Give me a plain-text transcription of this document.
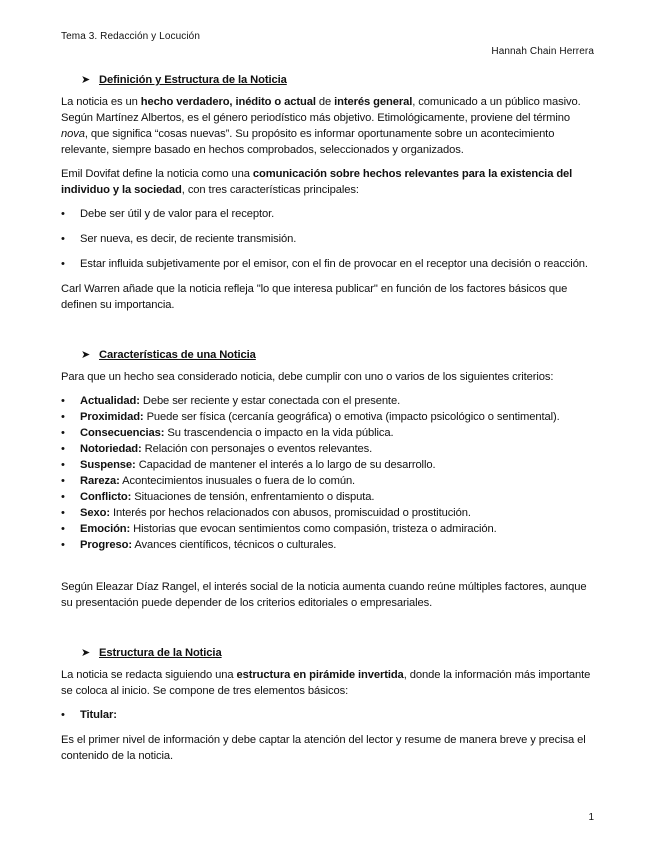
Tema 3. Redacción y Locución
Hannah Chain Herrera
➤ Definición y Estructura de la Noticia

La noticia es un hecho verdadero, inédito o actual de interés general, comunicado a un público masivo. Según Martínez Albertos, es el género periodístico más objetivo. Etimológicamente, proviene del término nova, que significa “cosas nuevas”. Su propósito es informar oportunamente sobre un acontecimiento relevante, siempre basado en hechos comprobados, seleccionados y organizados.

Emil Dovifat define la noticia como una comunicación sobre hechos relevantes para la existencia del individuo y la sociedad, con tres características principales:

• Debe ser útil y de valor para el receptor.
• Ser nueva, es decir, de reciente transmisión.
• Estar influida subjetivamente por el emisor, con el fin de provocar en el receptor una decisión o reacción.

Carl Warren añade que la noticia refleja "lo que interesa publicar" en función de los factores básicos que definen su importancia.

➤ Características de una Noticia

Para que un hecho sea considerado noticia, debe cumplir con uno o varios de los siguientes criterios:

• Actualidad: Debe ser reciente y estar conectada con el presente.
• Proximidad: Puede ser física (cercanía geográfica) o emotiva (impacto psicológico o sentimental).
• Consecuencias: Su trascendencia o impacto en la vida pública.
• Notoriedad: Relación con personajes o eventos relevantes.
• Suspense: Capacidad de mantener el interés a lo largo de su desarrollo.
• Rareza: Acontecimientos inusuales o fuera de lo común.
• Conflicto: Situaciones de tensión, enfrentamiento o disputa.
• Sexo: Interés por hechos relacionados con abusos, promiscuidad o prostitución.
• Emoción: Historias que evocan sentimientos como compasión, tristeza o admiración.
• Progreso: Avances científicos, técnicos o culturales.

Según Eleazar Díaz Rangel, el interés social de la noticia aumenta cuando reúne múltiples factores, aunque su presentación puede depender de los criterios editoriales o empresariales.

➤ Estructura de la Noticia

La noticia se redacta siguiendo una estructura en pirámide invertida, donde la información más importante se coloca al inicio. Se compone de tres elementos básicos:

• Titular:

Es el primer nivel de información y debe captar la atención del lector y resume de manera breve y precisa el contenido de la noticia.

1
